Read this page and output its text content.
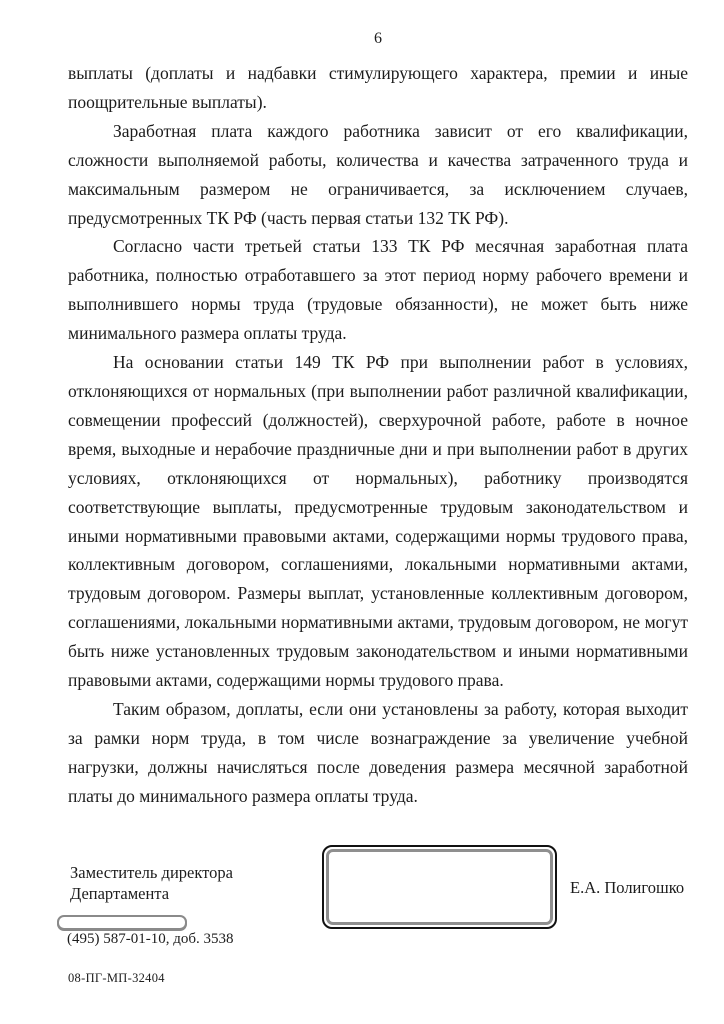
6

выплаты (доплаты и надбавки стимулирующего характера, премии и иные поощрительные выплаты).

Заработная плата каждого работника зависит от его квалификации, сложности выполняемой работы, количества и качества затраченного труда и максимальным размером не ограничивается, за исключением случаев, предусмотренных ТК РФ (часть первая статьи 132 ТК РФ).

Согласно части третьей статьи 133 ТК РФ месячная заработная плата работника, полностью отработавшего за этот период норму рабочего времени и выполнившего нормы труда (трудовые обязанности), не может быть ниже минимального размера оплаты труда.

На основании статьи 149 ТК РФ при выполнении работ в условиях, отклоняющихся от нормальных (при выполнении работ различной квалификации, совмещении профессий (должностей), сверхурочной работе, работе в ночное время, выходные и нерабочие праздничные дни и при выполнении работ в других условиях, отклоняющихся от нормальных), работнику производятся соответствующие выплаты, предусмотренные трудовым законодательством и иными нормативными правовыми актами, содержащими нормы трудового права, коллективным договором, соглашениями, локальными нормативными актами, трудовым договором. Размеры выплат, установленные коллективным договором, соглашениями, локальными нормативными актами, трудовым договором, не могут быть ниже установленных трудовым законодательством и иными нормативными правовыми актами, содержащими нормы трудового права.

Таким образом, доплаты, если они установлены за работу, которая выходит за рамки норм труда, в том числе вознаграждение за увеличение учебной нагрузки, должны начисляться после доведения размера месячной заработной платы до минимального размера оплаты труда.

Заместитель директора
Департамента	Е.А. Полигошко
(495) 587-01-10, доб. 3538
08-ПГ-МП-32404
